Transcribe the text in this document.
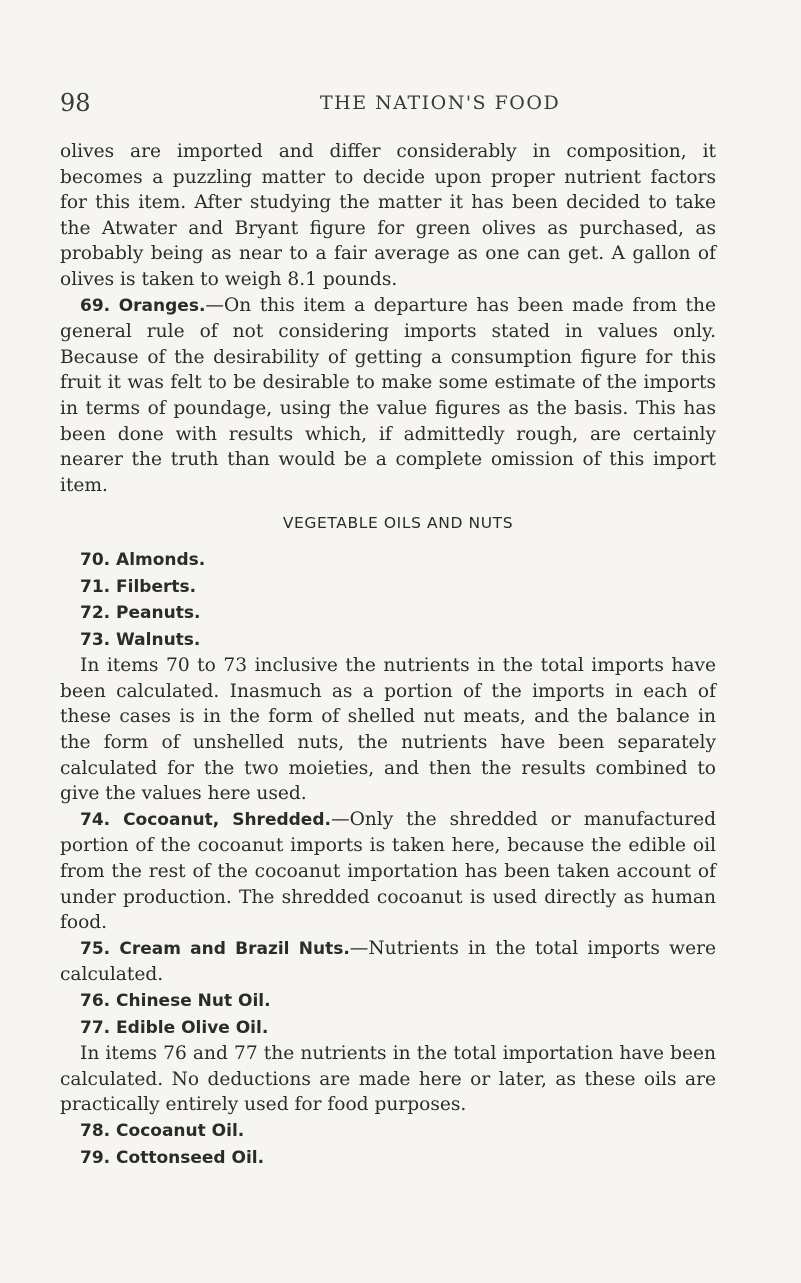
98	THE NATION'S FOOD

olives are imported and differ considerably in composition, it becomes a puzzling matter to decide upon proper nutrient factors for this item. After studying the matter it has been decided to take the Atwater and Bryant figure for green olives as purchased, as probably being as near to a fair average as one can get. A gallon of olives is taken to weigh 8.1 pounds.

69. Oranges.—On this item a departure has been made from the general rule of not considering imports stated in values only. Because of the desirability of getting a consumption figure for this fruit it was felt to be desirable to make some estimate of the imports in terms of poundage, using the value figures as the basis. This has been done with results which, if admittedly rough, are certainly nearer the truth than would be a complete omission of this import item.

VEGETABLE OILS AND NUTS

70. Almonds.

71. Filberts.

72. Peanuts.

73. Walnuts.

In items 70 to 73 inclusive the nutrients in the total imports have been calculated. Inasmuch as a portion of the imports in each of these cases is in the form of shelled nut meats, and the balance in the form of unshelled nuts, the nutrients have been separately calculated for the two moieties, and then the results combined to give the values here used.

74. Cocoanut, Shredded.—Only the shredded or manufactured portion of the cocoanut imports is taken here, because the edible oil from the rest of the cocoanut importation has been taken account of under production. The shredded cocoanut is used directly as human food.

75. Cream and Brazil Nuts.—Nutrients in the total imports were calculated.

76. Chinese Nut Oil.

77. Edible Olive Oil.

In items 76 and 77 the nutrients in the total importation have been calculated. No deductions are made here or later, as these oils are practically entirely used for food purposes.

78. Cocoanut Oil.

79. Cottonseed Oil.
